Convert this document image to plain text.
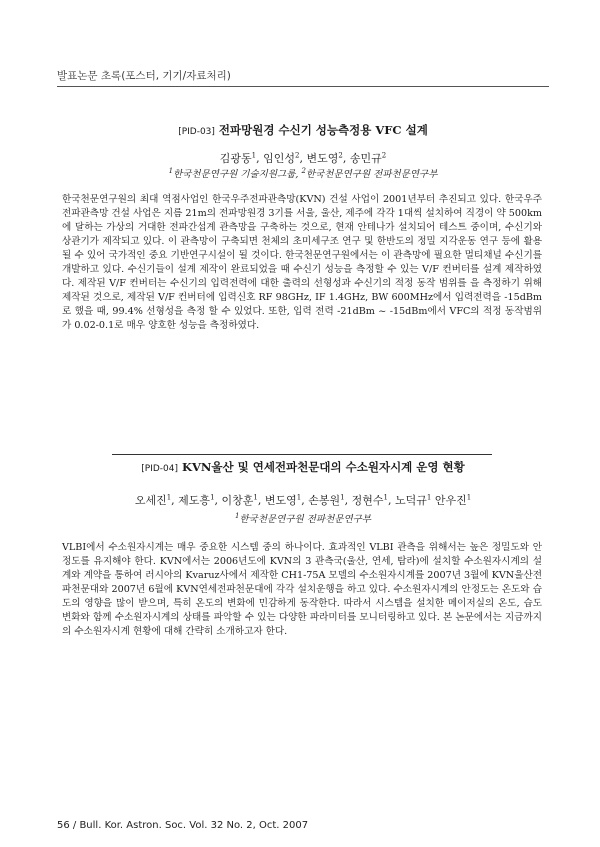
발표논문 초록(포스터, 기기/자료처리)
[PID-03] 전파망원경 수신기 성능측정용 VFC 설계
김광동$^1$, 임인성$^2$, 변도영$^2$, 송민규$^2$
$^1$한국천문연구원 기술지원그룹, $^2$한국천문연구원 전파천문연구부

한국천문연구원의 최대 역점사업인 한국우주전파관측망(KVN) 건설 사업이 2001년부터 추진되고 있다. 한국우주전파관측망 건설 사업은 지름 21m의 전파망원경 3기를 서울, 울산, 제주에 각각 1대씩 설치하여 직경이 약 500km에 달하는 가상의 거대한 전파간섭계 관측망을 구축하는 것으로, 현재 안테나가 설치되어 테스트 중이며, 수신기와 상관기가 제작되고 있다. 이 관측망이 구축되면 천체의 초미세구조 연구 및 한반도의 정밀 지각운동 연구 등에 활용될 수 있어 국가적인 중요 기반연구시설이 될 것이다. 한국천문연구원에서는 이 관측망에 필요한 멀티채널 수신기를 개발하고 있다. 수신기들이 설계 제작이 완료되었을 때 수신기 성능을 측정할 수 있는 V/F 컨버터를 설계 제작하였다. 제작된 V/F 컨버터는 수신기의 입력전력에 대한 출력의 선형성과 수신기의 적정 동작 범위를 을 측정하기 위해 제작된 것으로, 제작된 V/F 컨버터에 입력신호 RF 98GHz, IF 1.4GHz, BW 600MHz에서 입력전력을 -15dBm로 했을 때, 99.4% 선형성을 측정 할 수 있었다. 또한, 입력 전력 -21dBm ~ -15dBm에서 VFC의 적정 동작범위가 0.02-0.1로 매우 양호한 성능을 측정하였다.

[PID-04] KVN울산 및 연세전파천문대의 수소원자시계 운영 현황
오세진$^1$, 제도흥$^1$, 이창훈$^1$, 변도영$^1$, 손봉원$^1$, 정현수$^1$, 노덕규$^1$ 안우진$^1$
$^1$한국천문연구원 전파천문연구부

VLBI에서 수소원자시계는 매우 중요한 시스템 중의 하나이다. 효과적인 VLBI 관측을 위해서는 높은 정밀도와 안정도를 유지해야 한다. KVN에서는 2006년도에 KVN의 3 관측국(울산, 연세, 탐라)에 설치할 수소원자시계의 설계와 계약을 통하여 러시아의 Kvaruz사에서 제작한 CH1-75A 모델의 수소원자시계를 2007년 3월에 KVN울산전파천문대와 2007년 6월에 KVN연세전파천문대에 각각 설치운행을 하고 있다. 수소원자시계의 안정도는 온도와 습도의 영향을 많이 받으며, 특히 온도의 변화에 민감하게 동작한다. 따라서 시스템을 설치한 메이저실의 온도, 습도 변화와 함께 수소원자시계의 상태를 파악할 수 있는 다양한 파라미터를 모니터링하고 있다. 본 논문에서는 지금까지의 수소원자시계 현황에 대해 간략히 소개하고자 한다.

56 / Bull. Kor. Astron. Soc. Vol. 32 No. 2, Oct. 2007
